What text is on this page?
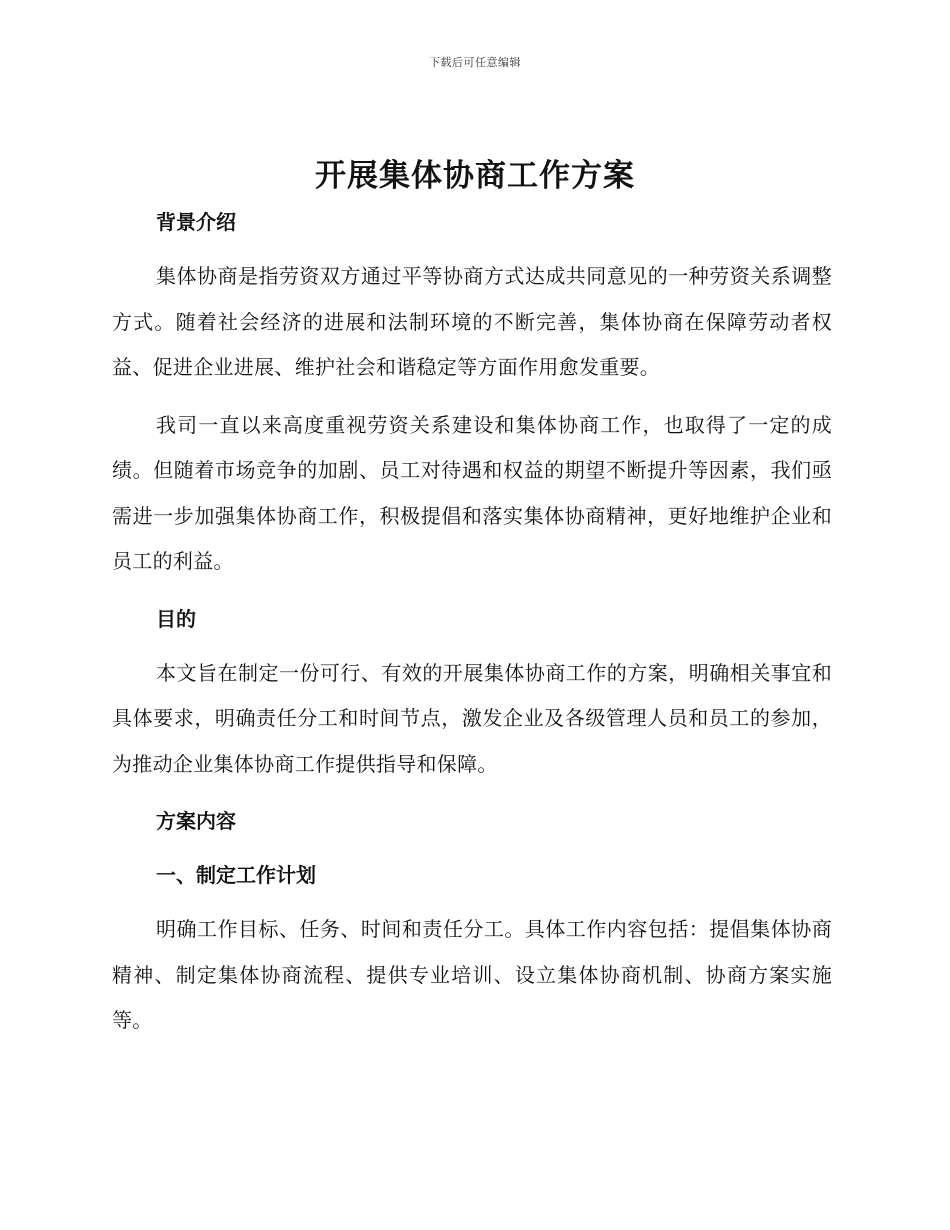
下载后可任意编辑
开展集体协商工作方案
背景介绍

集体协商是指劳资双方通过平等协商方式达成共同意见的一种劳资关系调整方式。随着社会经济的进展和法制环境的不断完善，集体协商在保障劳动者权益、促进企业进展、维护社会和谐稳定等方面作用愈发重要。

我司一直以来高度重视劳资关系建设和集体协商工作，也取得了一定的成绩。但随着市场竞争的加剧、员工对待遇和权益的期望不断提升等因素，我们亟需进一步加强集体协商工作，积极提倡和落实集体协商精神，更好地维护企业和员工的利益。

目的

本文旨在制定一份可行、有效的开展集体协商工作的方案，明确相关事宜和具体要求，明确责任分工和时间节点，激发企业及各级管理人员和员工的参加，为推动企业集体协商工作提供指导和保障。

方案内容
一、制定工作计划

明确工作目标、任务、时间和责任分工。具体工作内容包括：提倡集体协商精神、制定集体协商流程、提供专业培训、设立集体协商机制、协商方案实施等。
